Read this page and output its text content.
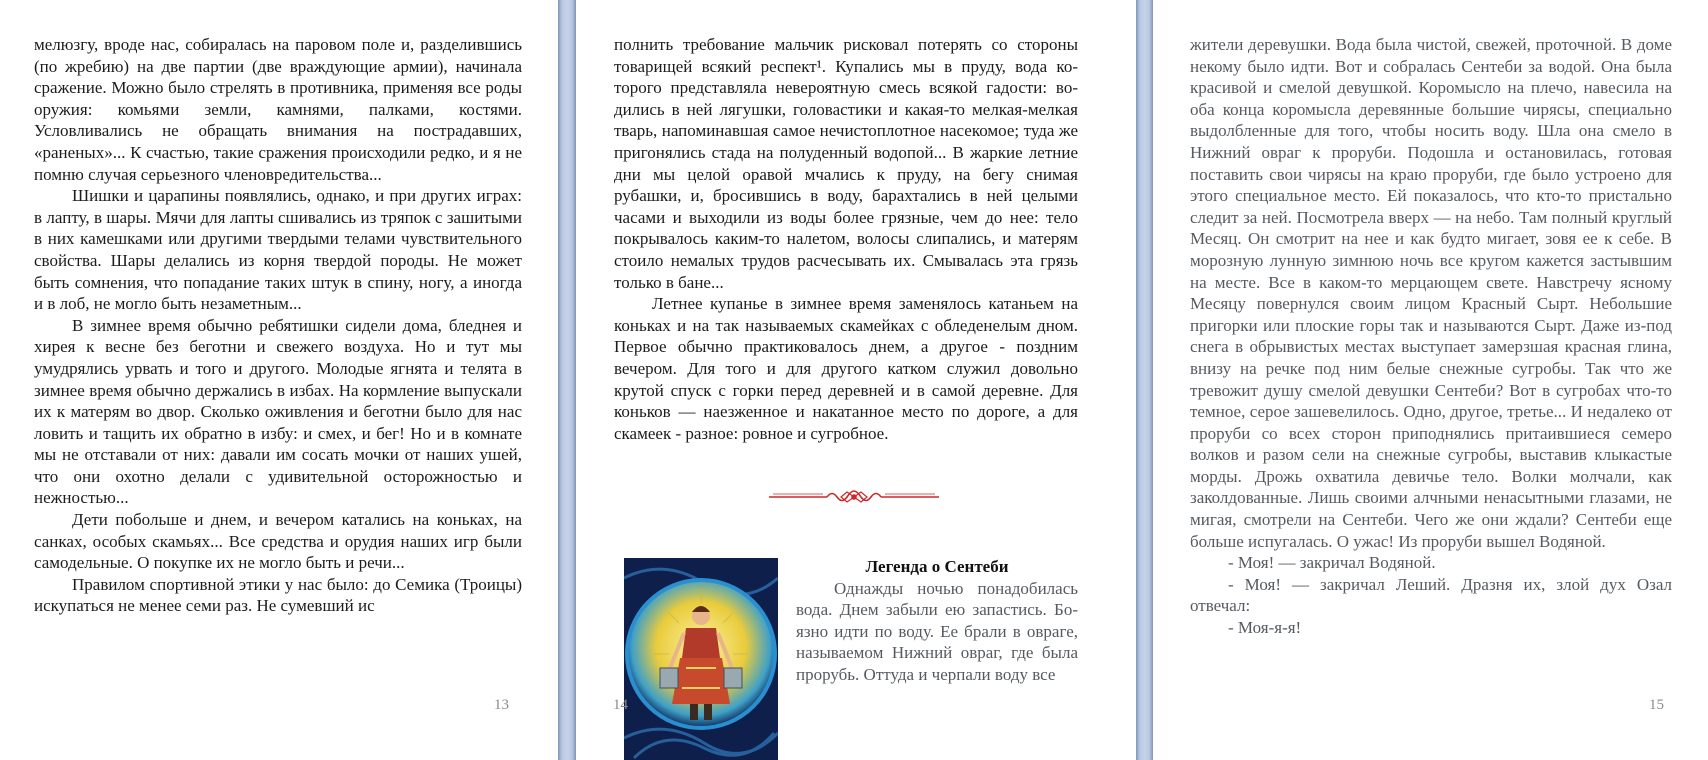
мелюзгу, вроде нас, собиралась на паровом поле и, разделившись (по жребию) на две партии (две враждующие армии), начинала сражение. Можно было стрелять в противника, применяя все роды оружия: комьями земли, камнями, палками, костями. Условливались не обращать внимания на пострадавших, «раненых»... К счастью, такие сражения происходили редко, и я не помню случая серьезного членовредительства...

Шишки и царапины появлялись, однако, и при других играх: в лапту, в шары. Мячи для лапты сшивались из тряпок с зашитыми в них камешками или другими твердыми телами чувствительного свойства. Шары делались из корня твердой породы. Не может быть сомнения, что попадание таких штук в спину, ногу, а иногда и в лоб, не могло быть незаметным...

В зимнее время обычно ребятишки сидели дома, бледнея и хирея к весне без беготни и свежего воздуха. Но и тут мы умудрялись урвать и того и другого. Молодые ягнята и телята в зимнее время обычно держались в избах. На кормление выпускали их к матерям во двор. Сколько оживления и беготни было для нас ловить и тащить их обратно в избу: и смех, и бег! Но и в комнате мы не отставали от них: давали им сосать мочки от наших ушей, что они охотно делали с удивительной осторожностью и нежностью...

Дети побольше и днем, и вечером катались на коньках, на санках, особых скамьях... Все средства и орудия наших игр были самодельные. О покупке их не могло быть и речи...

Правилом спортивной этики у нас было: до Семика (Троицы) искупаться не менее семи раз. Не сумевший ис

13

полнить требование мальчик рисковал потерять со стороны товарищей всякий респект¹. Купались мы в пруду, вода которого представляла невероятную смесь всякой гадости: водились в ней лягушки, головастики и какая-то мелкая-мелкая тварь, напоминавшая самое нечистоплотное насекомое; туда же пригонялись стада на полуденный водопой... В жаркие летние дни мы целой оравой мчались к пруду, на бегу снимая рубашки, и, бросившись в воду, барахтались в ней целыми часами и выходили из воды более грязные, чем до нее: тело покрывалось каким-то налетом, волосы слипались, и матерям стоило немалых трудов расчесывать их. Смывалась эта грязь только в бане...

Летнее купанье в зимнее время заменялось катаньем на коньках и на так называемых скамейках с обледенелым дном. Первое обычно практиковалось днем, а другое - поздним вечером. Для того и для другого катком служил довольно крутой спуск с горки перед деревней и в самой деревне. Для коньков — наезженное и накатанное место по дороге, а для скамеек - разное: ровное и сугробное.

Легенда о Сентеби

Однажды ночью понадобилась вода. Днем забыли ею запастись. Боязно идти по воду. Ее брали в овраге, называемом Нижний овраг, где была прорубь. Оттуда и черпали воду все

14

жители деревушки. Вода была чистой, свежей, проточной. В доме некому было идти. Вот и собралась Сентеби за водой. Она была красивой и смелой девушкой. Коромысло на плечо, навесила на оба конца коромысла деревянные большие чирясы, специально выдолбленные для того, чтобы носить воду. Шла она смело в Нижний овраг к проруби. Подошла и остановилась, готовая поставить свои чирясы на краю проруби, где было устроено для этого специальное место. Ей показалось, что кто-то пристально следит за ней. Посмотрела вверх — на небо. Там полный круглый Месяц. Он смотрит на нее и как будто мигает, зовя ее к себе. В морозную лунную зимнюю ночь все кругом кажется застывшим на месте. Все в каком-то мерцающем свете. Навстречу ясному Месяцу повернулся своим лицом Красный Сырт. Небольшие пригорки или плоские горы так и называются Сырт. Даже из-под снега в обрывистых местах выступает замерзшая красная глина, внизу на речке под ним белые снежные сугробы. Так что же тревожит душу смелой девушки Сентеби? Вот в сугробах что-то темное, серое зашевелилось. Одно, другое, третье... И недалеко от проруби со всех сторон приподнялись притаившиеся семеро волков и разом сели на снежные сугробы, выставив клыкастые морды. Дрожь охватила девичье тело. Волки молчали, как заколдованные. Лишь своими алчными ненасытными глазами, не мигая, смотрели на Сентеби. Чего же они ждали? Сентеби еще больше испугалась. О ужас! Из проруби вышел Водяной.

- Моя! — закричал Водяной.

- Моя! — закричал Леший. Дразня их, злой дух Озал отвечал:

- Моя-я-я!

15
